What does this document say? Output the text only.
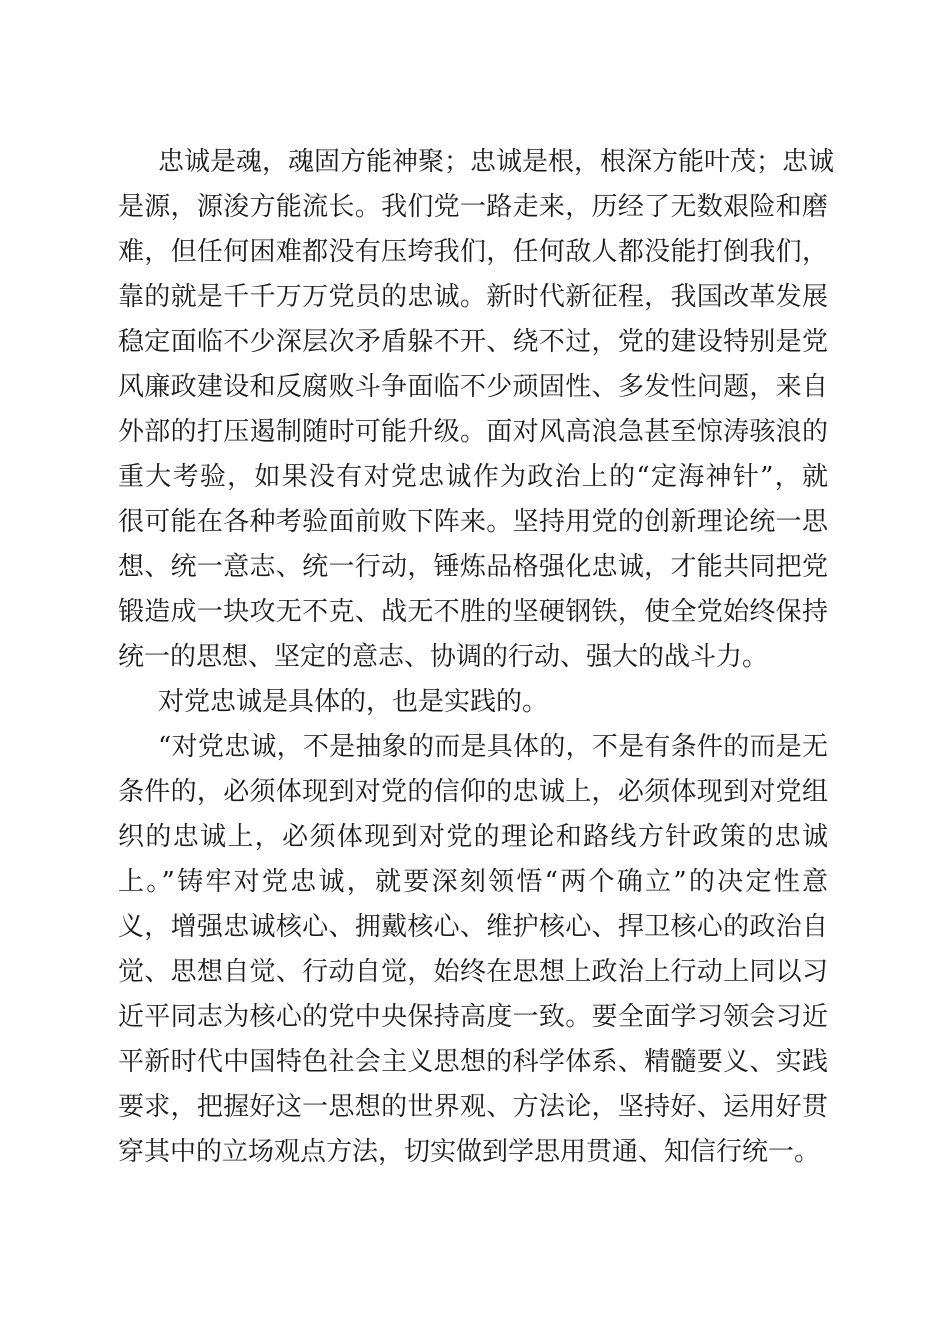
忠诚是魂，魂固方能神聚；忠诚是根，根深方能叶茂；忠诚
是源，源浚方能流长。我们党一路走来，历经了无数艰险和磨
难，但任何困难都没有压垮我们，任何敌人都没能打倒我们，
靠的就是千千万万党员的忠诚。新时代新征程，我国改革发展
稳定面临不少深层次矛盾躲不开、绕不过，党的建设特别是党
风廉政建设和反腐败斗争面临不少顽固性、多发性问题，来自
外部的打压遏制随时可能升级。面对风高浪急甚至惊涛骇浪的
重大考验，如果没有对党忠诚作为政治上的“定海神针”，就
很可能在各种考验面前败下阵来。坚持用党的创新理论统一思
想、统一意志、统一行动，锤炼品格强化忠诚，才能共同把党
锻造成一块攻无不克、战无不胜的坚硬钢铁，使全党始终保持
统一的思想、坚定的意志、协调的行动、强大的战斗力。
对党忠诚是具体的，也是实践的。
“对党忠诚，不是抽象的而是具体的，不是有条件的而是无
条件的，必须体现到对党的信仰的忠诚上，必须体现到对党组
织的忠诚上，必须体现到对党的理论和路线方针政策的忠诚
上。”铸牢对党忠诚，就要深刻领悟“两个确立”的决定性意
义，增强忠诚核心、拥戴核心、维护核心、捍卫核心的政治自
觉、思想自觉、行动自觉，始终在思想上政治上行动上同以习
近平同志为核心的党中央保持高度一致。要全面学习领会习近
平新时代中国特色社会主义思想的科学体系、精髓要义、实践
要求，把握好这一思想的世界观、方法论，坚持好、运用好贯
穿其中的立场观点方法，切实做到学思用贯通、知信行统一。
